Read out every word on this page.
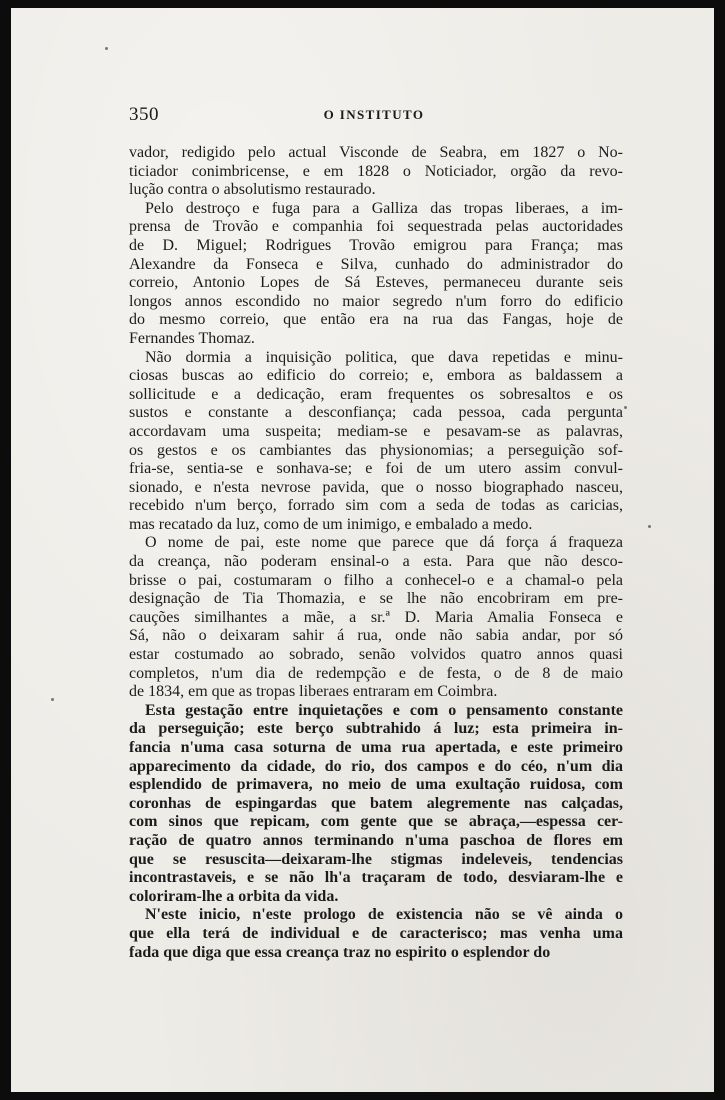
350	O INSTITUTO

vador, redigido pelo actual Visconde de Seabra, em 1827 o No-
ticiador conimbricense, e em 1828 o Noticiador, orgão da revo-
lução contra o absolutismo restaurado.

Pelo destroço e fuga para a Galliza das tropas liberaes, a im-
prensa de Trovão e companhia foi sequestrada pelas auctoridades
de D. Miguel; Rodrigues Trovão emigrou para França; mas
Alexandre da Fonseca e Silva, cunhado do administrador do
correio, Antonio Lopes de Sá Esteves, permaneceu durante seis
longos annos escondido no maior segredo n'um forro do edificio
do mesmo correio, que então era na rua das Fangas, hoje de
Fernandes Thomaz.

Não dormia a inquisição politica, que dava repetidas e minu-
ciosas buscas ao edificio do correio; e, embora as baldassem a
sollicitude e a dedicação, eram frequentes os sobresaltos e os
sustos e constante a desconfiança; cada pessoa, cada pergunta
accordavam uma suspeita; mediam-se e pesavam-se as palavras,
os gestos e os cambiantes das physionomias; a perseguição sof-
fria-se, sentia-se e sonhava-se; e foi de um utero assim convul-
sionado, e n'esta nevrose pavida, que o nosso biographado nasceu,
recebido n'um berço, forrado sim com a seda de todas as caricias,
mas recatado da luz, como de um inimigo, e embalado a medo.

O nome de pai, este nome que parece que dá força á fraqueza
da creança, não poderam ensinal-o a esta. Para que não desco-
brisse o pai, costumaram o filho a conhecel-o e a chamal-o pela
designação de Tia Thomazia, e se lhe não encobriram em pre-
cauções similhantes a mãe, a sr.ª D. Maria Amalia Fonseca e
Sá, não o deixaram sahir á rua, onde não sabia andar, por só
estar costumado ao sobrado, senão volvidos quatro annos quasi
completos, n'um dia de redempção e de festa, o de 8 de maio
de 1834, em que as tropas liberaes entraram em Coimbra.

Esta gestação entre inquietações e com o pensamento constante
da perseguição; este berço subtrahido á luz; esta primeira in-
fancia n'uma casa soturna de uma rua apertada, e este primeiro
apparecimento da cidade, do rio, dos campos e do céo, n'um dia
esplendido de primavera, no meio de uma exultação ruidosa, com
coronhas de espingardas que batem alegremente nas calçadas,
com sinos que repicam, com gente que se abraça,—espessa cer-
ração de quatro annos terminando n'uma paschoa de flores em
que se resuscita—deixaram-lhe stigmas indeleveis, tendencias
incontrastaveis, e se não lh'a traçaram de todo, desviaram-lhe e
coloriram-lhe a orbita da vida.

N'este inicio, n'este prologo de existencia não se vê ainda o
que ella terá de individual e de caracterisco; mas venha uma
fada que diga que essa creança traz no espirito o esplendor do
